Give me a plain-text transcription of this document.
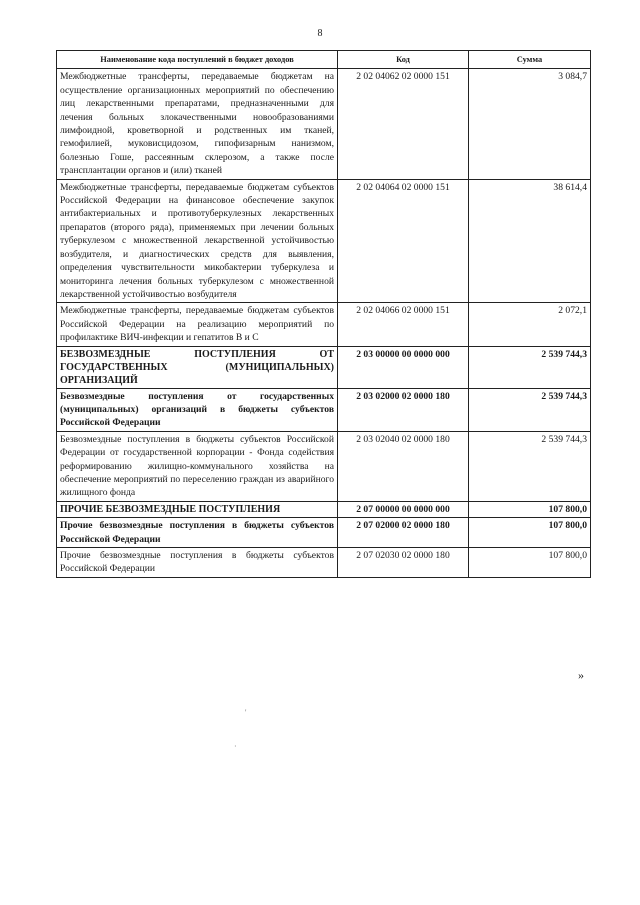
8
Наименование кода поступлений в бюджет доходов	Код	Сумма
Межбюджетные трансферты, передаваемые бюджетам на осуществление организационных мероприятий по обеспечению лиц лекарственными препаратами, предназначенными для лечения больных злокачественными новообразованиями лимфоидной, кроветворной и родственных им тканей, гемофилией, муковисцидозом, гипофизарным нанизмом, болезнью Гоше, рассеянным склерозом, а также после трансплантации органов и (или) тканей	2 02 04062 02 0000 151	3 084,7
Межбюджетные трансферты, передаваемые бюджетам субъектов Российской Федерации на финансовое обеспечение закупок антибактериальных и противотуберкулезных лекарственных препаратов (второго ряда), применяемых при лечении больных туберкулезом с множественной лекарственной устойчивостью возбудителя, и диагностических средств для выявления, определения чувствительности микобактерии туберкулеза и мониторинга лечения больных туберкулезом с множественной лекарственной устойчивостью возбудителя	2 02 04064 02 0000 151	38 614,4
Межбюджетные трансферты, передаваемые бюджетам субъектов Российской Федерации на реализацию мероприятий по профилактике ВИЧ-инфекции и гепатитов В и С	2 02 04066 02 0000 151	2 072,1
БЕЗВОЗМЕЗДНЫЕ ПОСТУПЛЕНИЯ ОТ ГОСУДАРСТВЕННЫХ (МУНИЦИПАЛЬНЫХ) ОРГАНИЗАЦИЙ	2 03 00000 00 0000 000	2 539 744,3
Безвозмездные поступления от государственных (муниципальных) организаций в бюджеты субъектов Российской Федерации	2 03 02000 02 0000 180	2 539 744,3
Безвозмездные поступления в бюджеты субъектов Российской Федерации от государственной корпорации - Фонда содействия реформированию жилищно-коммунального хозяйства на обеспечение мероприятий по переселению граждан из аварийного жилищного фонда	2 03 02040 02 0000 180	2 539 744,3
ПРОЧИЕ БЕЗВОЗМЕЗДНЫЕ ПОСТУПЛЕНИЯ	2 07 00000 00 0000 000	107 800,0
Прочие безвозмездные поступления в бюджеты субъектов Российской Федерации	2 07 02000 02 0000 180	107 800,0
Прочие безвозмездные поступления в бюджеты субъектов Российской Федерации	2 07 02030 02 0000 180	107 800,0
»
'
·
